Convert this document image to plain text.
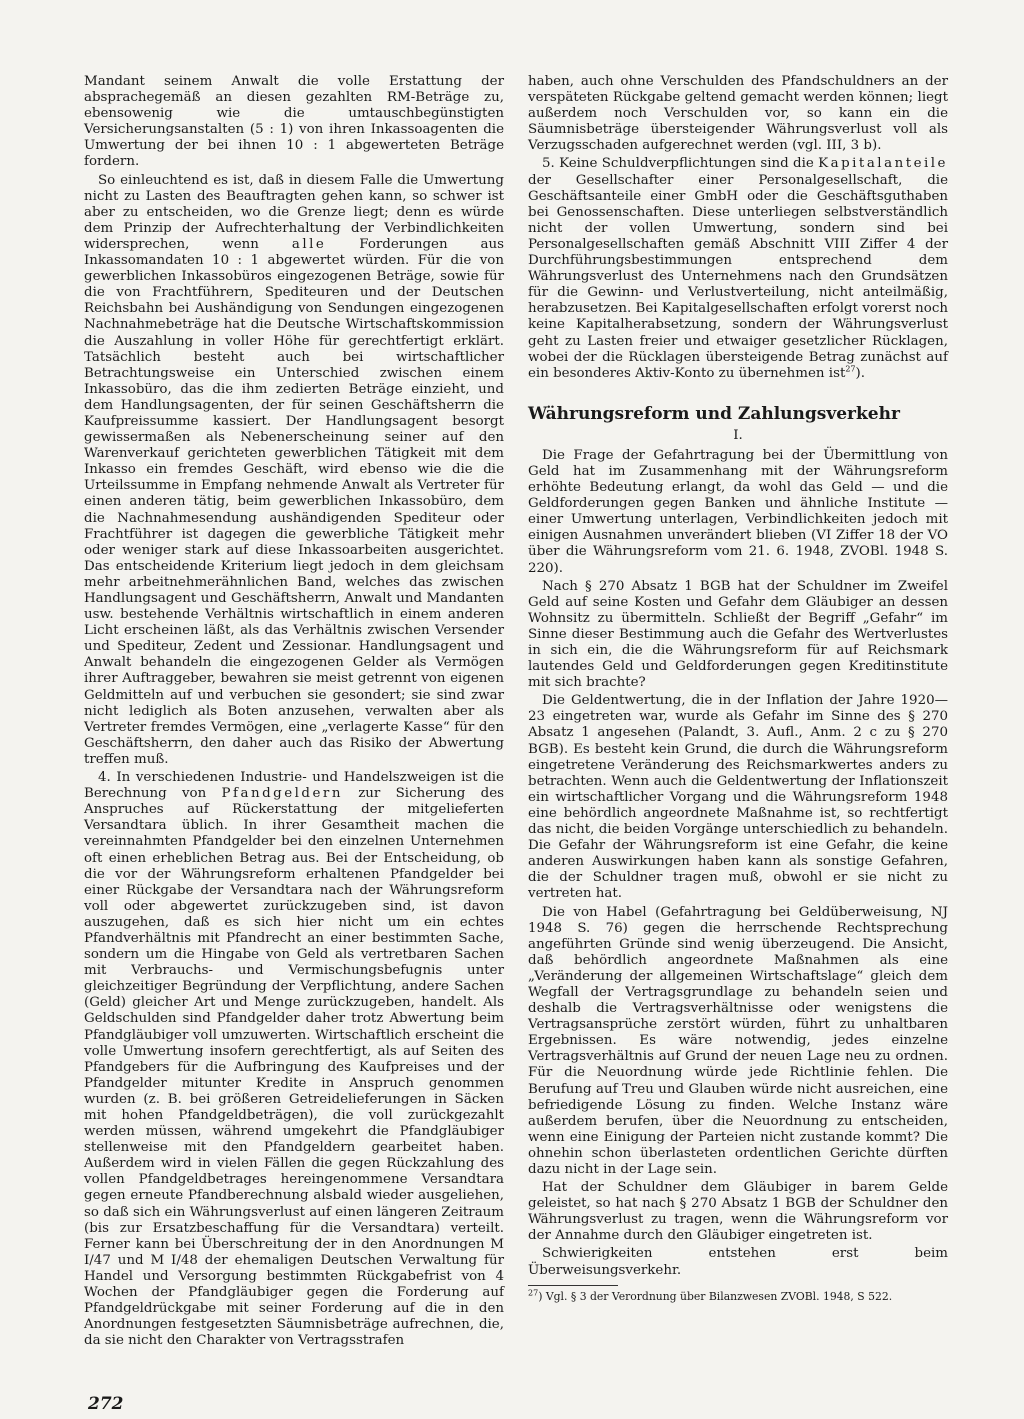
Mandant seinem Anwalt die volle Erstattung der absprachegemäß an diesen gezahlten RM-Beträge zu, ebensowenig wie die umtauschbegünstigten Versicherungsanstalten (5 : 1) von ihren Inkassoagenten die Umwertung der bei ihnen 10 : 1 abgewerteten Beträge fordern.

So einleuchtend es ist, daß in diesem Falle die Umwertung nicht zu Lasten des Beauftragten gehen kann, so schwer ist aber zu entscheiden, wo die Grenze liegt; denn es würde dem Prinzip der Aufrechterhaltung der Verbindlichkeiten widersprechen, wenn alle Forderungen aus Inkassomandaten 10 : 1 abgewertet würden. Für die von gewerblichen Inkassobüros eingezogenen Beträge, sowie für die von Frachtführern, Spediteuren und der Deutschen Reichsbahn bei Aushändigung von Sendungen eingezogenen Nachnahmebeträge hat die Deutsche Wirtschaftskommission die Auszahlung in voller Höhe für gerechtfertigt erklärt. Tatsächlich besteht auch bei wirtschaftlicher Betrachtungsweise ein Unterschied zwischen einem Inkassobüro, das die ihm zedierten Beträge einzieht, und dem Handlungsagenten, der für seinen Geschäftsherrn die Kaufpreissumme kassiert. Der Handlungsagent besorgt gewissermaßen als Nebenerscheinung seiner auf den Warenverkauf gerichteten gewerblichen Tätigkeit mit dem Inkasso ein fremdes Geschäft, wird ebenso wie die die Urteilssumme in Empfang nehmende Anwalt als Vertreter für einen anderen tätig, beim gewerblichen Inkassobüro, dem die Nachnahmesendung aushändigenden Spediteur oder Frachtführer ist dagegen die gewerbliche Tätigkeit mehr oder weniger stark auf diese Inkassoarbeiten ausgerichtet. Das entscheidende Kriterium liegt jedoch in dem gleichsam mehr arbeitnehmerähnlichen Band, welches das zwischen Handlungsagent und Geschäftsherrn, Anwalt und Mandanten usw. bestehende Verhältnis wirtschaftlich in einem anderen Licht erscheinen läßt, als das Verhältnis zwischen Versender und Spediteur, Zedent und Zessionar. Handlungsagent und Anwalt behandeln die eingezogenen Gelder als Vermögen ihrer Auftraggeber, bewahren sie meist getrennt von eigenen Geldmitteln auf und verbuchen sie gesondert; sie sind zwar nicht lediglich als Boten anzusehen, verwalten aber als Vertreter fremdes Vermögen, eine „verlagerte Kasse“ für den Geschäftsherrn, den daher auch das Risiko der Abwertung treffen muß.

4. In verschiedenen Industrie- und Handelszweigen ist die Berechnung von Pfandgeldern zur Sicherung des Anspruches auf Rückerstattung der mitgelieferten Versandtara üblich. In ihrer Gesamtheit machen die vereinnahmten Pfandgelder bei den einzelnen Unternehmen oft einen erheblichen Betrag aus. Bei der Entscheidung, ob die vor der Währungsreform erhaltenen Pfandgelder bei einer Rückgabe der Versandtara nach der Währungsreform voll oder abgewertet zurückzugeben sind, ist davon auszugehen, daß es sich hier nicht um ein echtes Pfandverhältnis mit Pfandrecht an einer bestimmten Sache, sondern um die Hingabe von Geld als vertretbaren Sachen mit Verbrauchs- und Vermischungsbefugnis unter gleichzeitiger Begründung der Verpflichtung, andere Sachen (Geld) gleicher Art und Menge zurückzugeben, handelt. Als Geldschulden sind Pfandgelder daher trotz Abwertung beim Pfandgläubiger voll umzuwerten. Wirtschaftlich erscheint die volle Umwertung insofern gerechtfertigt, als auf Seiten des Pfandgebers für die Aufbringung des Kaufpreises und der Pfandgelder mitunter Kredite in Anspruch genommen wurden (z. B. bei größeren Getreidelieferungen in Säcken mit hohen Pfandgeldbeträgen), die voll zurückgezahlt werden müssen, während umgekehrt die Pfandgläubiger stellenweise mit den Pfandgeldern gearbeitet haben. Außerdem wird in vielen Fällen die gegen Rückzahlung des vollen Pfandgeldbetrages hereingenommene Versandtara gegen erneute Pfandberechnung alsbald wieder ausgeliehen, so daß sich ein Währungsverlust auf einen längeren Zeitraum (bis zur Ersatzbeschaffung für die Versandtara) verteilt. Ferner kann bei Überschreitung der in den Anordnungen M I/47 und M I/48 der ehemaligen Deutschen Verwaltung für Handel und Versorgung bestimmten Rückgabefrist von 4 Wochen der Pfandgläubiger gegen die Forderung auf Pfandgeldrückgabe mit seiner Forderung auf die in den Anordnungen festgesetzten Säumnisbeträge aufrechnen, die, da sie nicht den Charakter von Vertragsstrafen

haben, auch ohne Verschulden des Pfandschuldners an der verspäteten Rückgabe geltend gemacht werden können; liegt außerdem noch Verschulden vor, so kann ein die Säumnisbeträge übersteigender Währungsverlust voll als Verzugsschaden aufgerechnet werden (vgl. III, 3 b).

5. Keine Schuldverpflichtungen sind die Kapitalanteile der Gesellschafter einer Personalgesellschaft, die Geschäftsanteile einer GmbH oder die Geschäftsguthaben bei Genossenschaften. Diese unterliegen selbstverständlich nicht der vollen Umwertung, sondern sind bei Personalgesellschaften gemäß Abschnitt VIII Ziffer 4 der Durchführungsbestimmungen entsprechend dem Währungsverlust des Unternehmens nach den Grundsätzen für die Gewinn- und Verlustverteilung, nicht anteilmäßig, herabzusetzen. Bei Kapitalgesellschaften erfolgt vorerst noch keine Kapitalherabsetzung, sondern der Währungsverlust geht zu Lasten freier und etwaiger gesetzlicher Rücklagen, wobei der die Rücklagen übersteigende Betrag zunächst auf ein besonderes Aktiv-Konto zu übernehmen ist$^{27}$).

Währungsreform und Zahlungsverkehr
I.

Die Frage der Gefahrtragung bei der Übermittlung von Geld hat im Zusammenhang mit der Währungsreform erhöhte Bedeutung erlangt, da wohl das Geld — und die Geldforderungen gegen Banken und ähnliche Institute — einer Umwertung unterlagen, Verbindlichkeiten jedoch mit einigen Ausnahmen unverändert blieben (VI Ziffer 18 der VO über die Währungsreform vom 21. 6. 1948, ZVOBl. 1948 S. 220).

Nach § 270 Absatz 1 BGB hat der Schuldner im Zweifel Geld auf seine Kosten und Gefahr dem Gläubiger an dessen Wohnsitz zu übermitteln. Schließt der Begriff „Gefahr“ im Sinne dieser Bestimmung auch die Gefahr des Wertverlustes in sich ein, die die Währungsreform für auf Reichsmark lautendes Geld und Geldforderungen gegen Kreditinstitute mit sich brachte?

Die Geldentwertung, die in der Inflation der Jahre 1920—23 eingetreten war, wurde als Gefahr im Sinne des § 270 Absatz 1 angesehen (Palandt, 3. Aufl., Anm. 2 c zu § 270 BGB). Es besteht kein Grund, die durch die Währungsreform eingetretene Veränderung des Reichsmarkwertes anders zu betrachten. Wenn auch die Geldentwertung der Inflationszeit ein wirtschaftlicher Vorgang und die Währungsreform 1948 eine behördlich angeordnete Maßnahme ist, so rechtfertigt das nicht, die beiden Vorgänge unterschiedlich zu behandeln. Die Gefahr der Währungsreform ist eine Gefahr, die keine anderen Auswirkungen haben kann als sonstige Gefahren, die der Schuldner tragen muß, obwohl er sie nicht zu vertreten hat.

Die von Habel (Gefahrtragung bei Geldüberweisung, NJ 1948 S. 76) gegen die herrschende Rechtsprechung angeführten Gründe sind wenig überzeugend. Die Ansicht, daß behördlich angeordnete Maßnahmen als eine „Veränderung der allgemeinen Wirtschaftslage“ gleich dem Wegfall der Vertragsgrundlage zu behandeln seien und deshalb die Vertragsverhältnisse oder wenigstens die Vertragsansprüche zerstört würden, führt zu unhaltbaren Ergebnissen. Es wäre notwendig, jedes einzelne Vertragsverhältnis auf Grund der neuen Lage neu zu ordnen. Für die Neuordnung würde jede Richtlinie fehlen. Die Berufung auf Treu und Glauben würde nicht ausreichen, eine befriedigende Lösung zu finden. Welche Instanz wäre außerdem berufen, über die Neuordnung zu entscheiden, wenn eine Einigung der Parteien nicht zustande kommt? Die ohnehin schon überlasteten ordentlichen Gerichte dürften dazu nicht in der Lage sein.

Hat der Schuldner dem Gläubiger in barem Gelde geleistet, so hat nach § 270 Absatz 1 BGB der Schuldner den Währungsverlust zu tragen, wenn die Währungsreform vor der Annahme durch den Gläubiger eingetreten ist.

Schwierigkeiten entstehen erst beim Überweisungsverkehr.

$^{27}$) Vgl. § 3 der Verordnung über Bilanzwesen ZVOBl. 1948, S 522.

272
